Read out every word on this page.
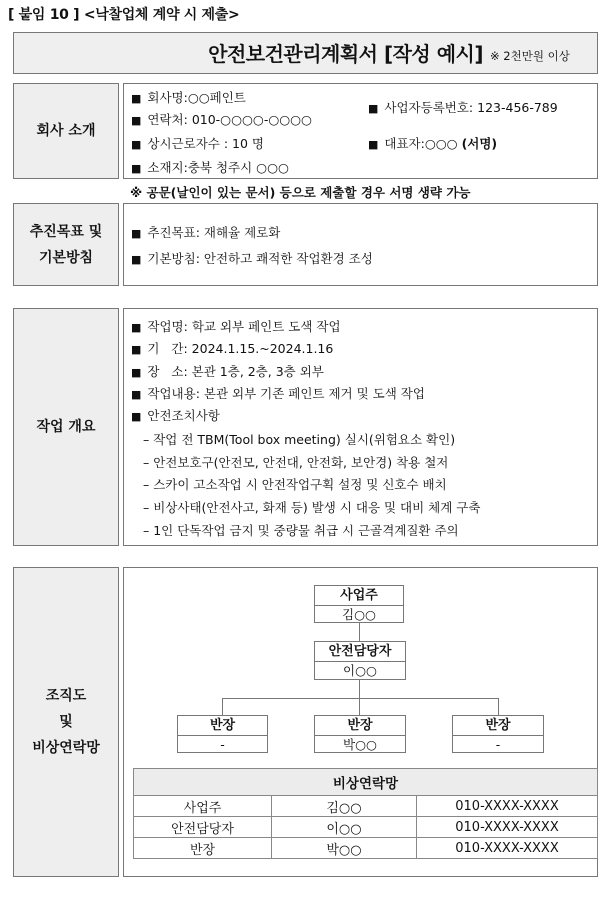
[ 붙임 10 ] <낙찰업체 계약 시 제출>
안전보건관리계획서 [작성 예시] ※ 2천만원 이상
회사 소개
■ 회사명:○○페인트
■ 연락처: 010-○○○○-○○○○
■ 상시근로자수 : 10 명
■ 소재지:충북 청주시 ○○○
■ 사업자등록번호: 123-456-789
■ 대표자:○○○ (서명)
※ 공문(날인이 있는 문서) 등으로 제출할 경우 서명 생략 가능
추진목표 및
기본방침
■ 추진목표: 재해율 제로화
■ 기본방침: 안전하고 쾌적한 작업환경 조성
작업 개요
■ 작업명: 학교 외부 페인트 도색 작업
■ 기   간: 2024.1.15.~2024.1.16
■ 장   소: 본관 1층, 2층, 3층 외부
■ 작업내용: 본관 외부 기존 페인트 제거 및 도색 작업
■ 안전조치사항
– 작업 전 TBM(Tool box meeting) 실시(위험요소 확인)
– 안전보호구(안전모, 안전대, 안전화, 보안경) 착용 철저
– 스카이 고소작업 시 안전작업구획 설정 및 신호수 배치
– 비상사태(안전사고, 화재 등) 발생 시 대응 및 대비 체계 구축
– 1인 단독작업 금지 및 중량물 취급 시 근골격계질환 주의
조직도
및
비상연락망
사업주
김○○
안전담당자
이○○
반장
-
반장
박○○
반장
-
비상연락망		
사업주	김○○	010-XXXX-XXXX
안전담당자	이○○	010-XXXX-XXXX
반장	박○○	010-XXXX-XXXX
